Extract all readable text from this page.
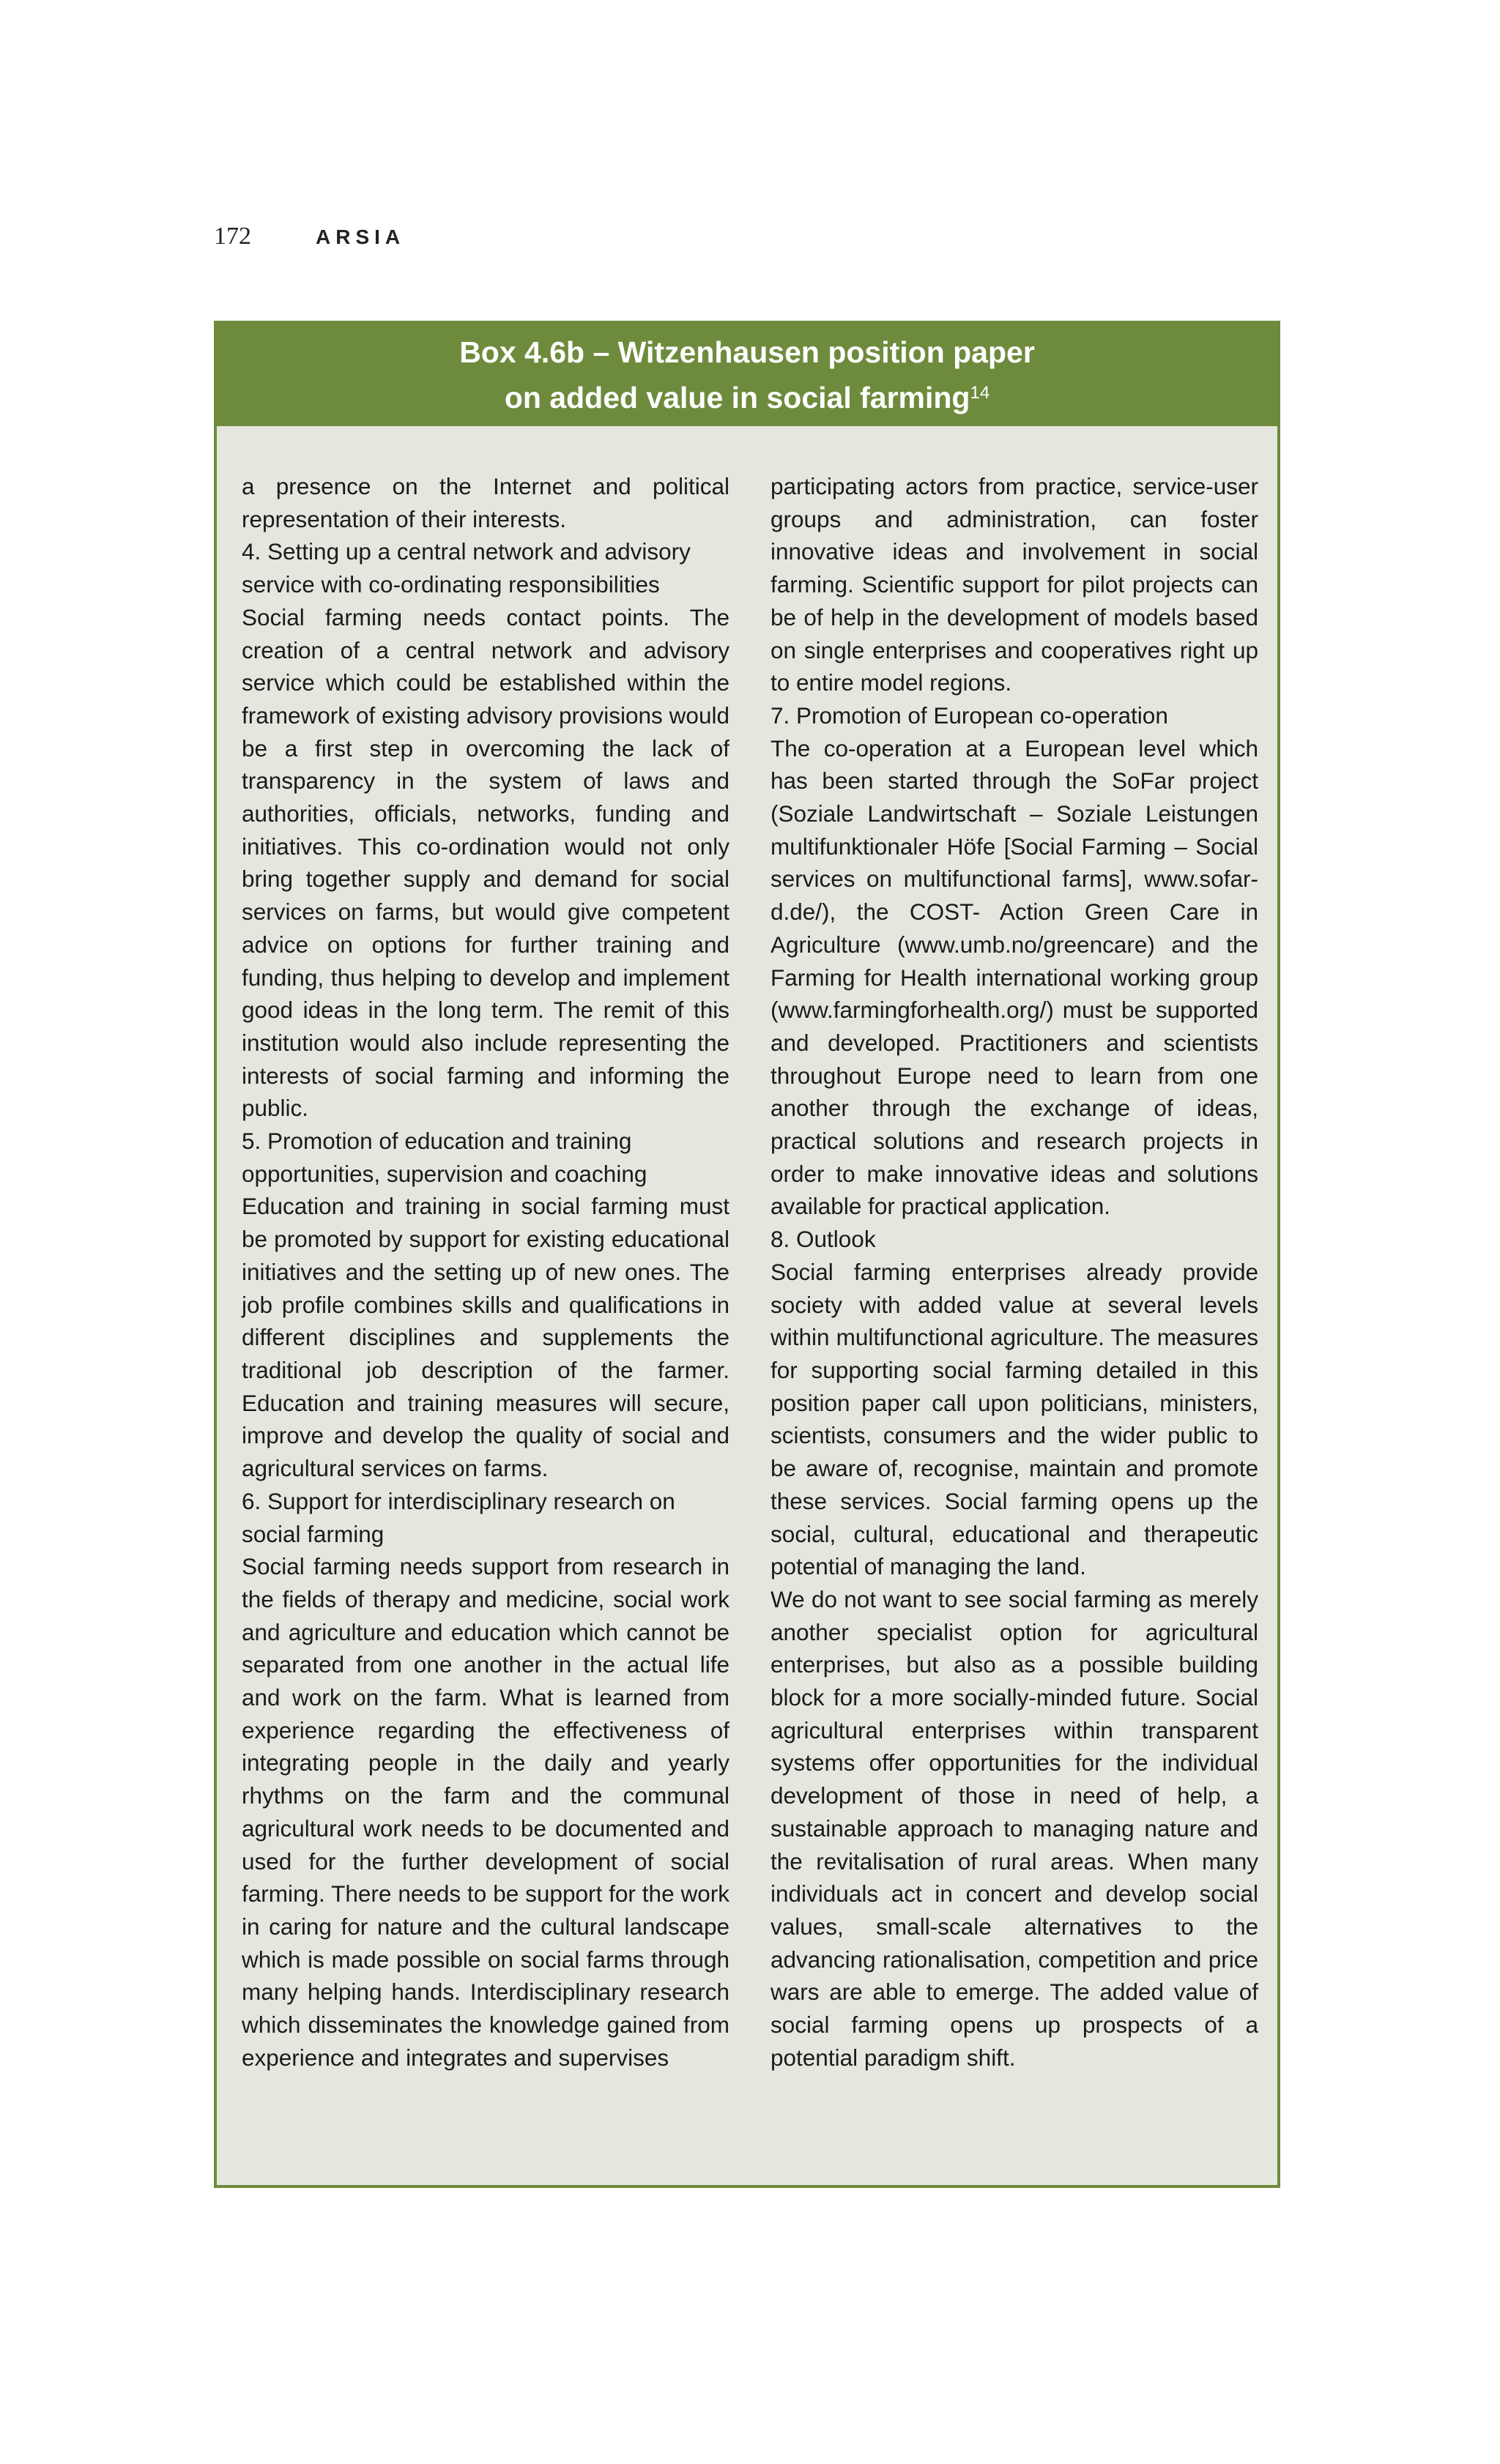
172	ARSIA
Box 4.6b – Witzenhausen position paper
on added value in social farming$^{14}$

a presence on the Internet and political representation of their interests.

4. Setting up a central network and advisory service with co-ordinating responsibilities

Social farming needs contact points. The creation of a central network and advisory service which could be established within the framework of existing advisory provisions would be a first step in overcoming the lack of transparency in the system of laws and authorities, officials, networks, funding and initiatives. This co-ordination would not only bring together supply and demand for social services on farms, but would give competent advice on options for further training and funding, thus helping to develop and implement good ideas in the long term. The remit of this institution would also include representing the interests of social farming and informing the public.

5. Promotion of education and training opportunities, supervision and coaching

Education and training in social farming must be promoted by support for existing educational initiatives and the setting up of new ones. The job profile combines skills and qualifications in different disciplines and supplements the traditional job description of the farmer. Education and training measures will secure, improve and develop the quality of social and agricultural services on farms.

6. Support for interdisciplinary research on social farming

Social farming needs support from research in the fields of therapy and medicine, social work and agriculture and education which cannot be separated from one another in the actual life and work on the farm. What is learned from experience regarding the effectiveness of integrating people in the daily and yearly rhythms on the farm and the communal agricultural work needs to be documented and used for the further development of social farming. There needs to be support for the work in caring for nature and the cultural landscape which is made possible on social farms through many helping hands. Interdisciplinary research which disseminates the knowledge gained from experience and integrates and supervises

participating actors from practice, service-user groups and administration, can foster innovative ideas and involvement in social farming. Scientific support for pilot projects can be of help in the development of models based on single enterprises and cooperatives right up to entire model regions.

7. Promotion of European co-operation

The co-operation at a European level which has been started through the SoFar project (Soziale Landwirtschaft – Soziale Leistungen multifunktionaler Höfe [Social Farming – Social services on multifunctional farms], www.sofar-d.de/), the COST- Action Green Care in Agriculture (www.umb.no/greencare) and the Farming for Health international working group (www.farmingforhealth.org/) must be supported and developed. Practitioners and scientists throughout Europe need to learn from one another through the exchange of ideas, practical solutions and research projects in order to make innovative ideas and solutions available for practical application.

8. Outlook

Social farming enterprises already provide society with added value at several levels within multifunctional agriculture. The measures for supporting social farming detailed in this position paper call upon politicians, ministers, scientists, consumers and the wider public to be aware of, recognise, maintain and promote these services. Social farming opens up the social, cultural, educational and therapeutic potential of managing the land.

We do not want to see social farming as merely another specialist option for agricultural enterprises, but also as a possible building block for a more socially-minded future. Social agricultural enterprises within transparent systems offer opportunities for the individual development of those in need of help, a sustainable approach to managing nature and the revitalisation of rural areas. When many individuals act in concert and develop social values, small-scale alternatives to the advancing rationalisation, competition and price wars are able to emerge. The added value of social farming opens up prospects of a potential paradigm shift.
